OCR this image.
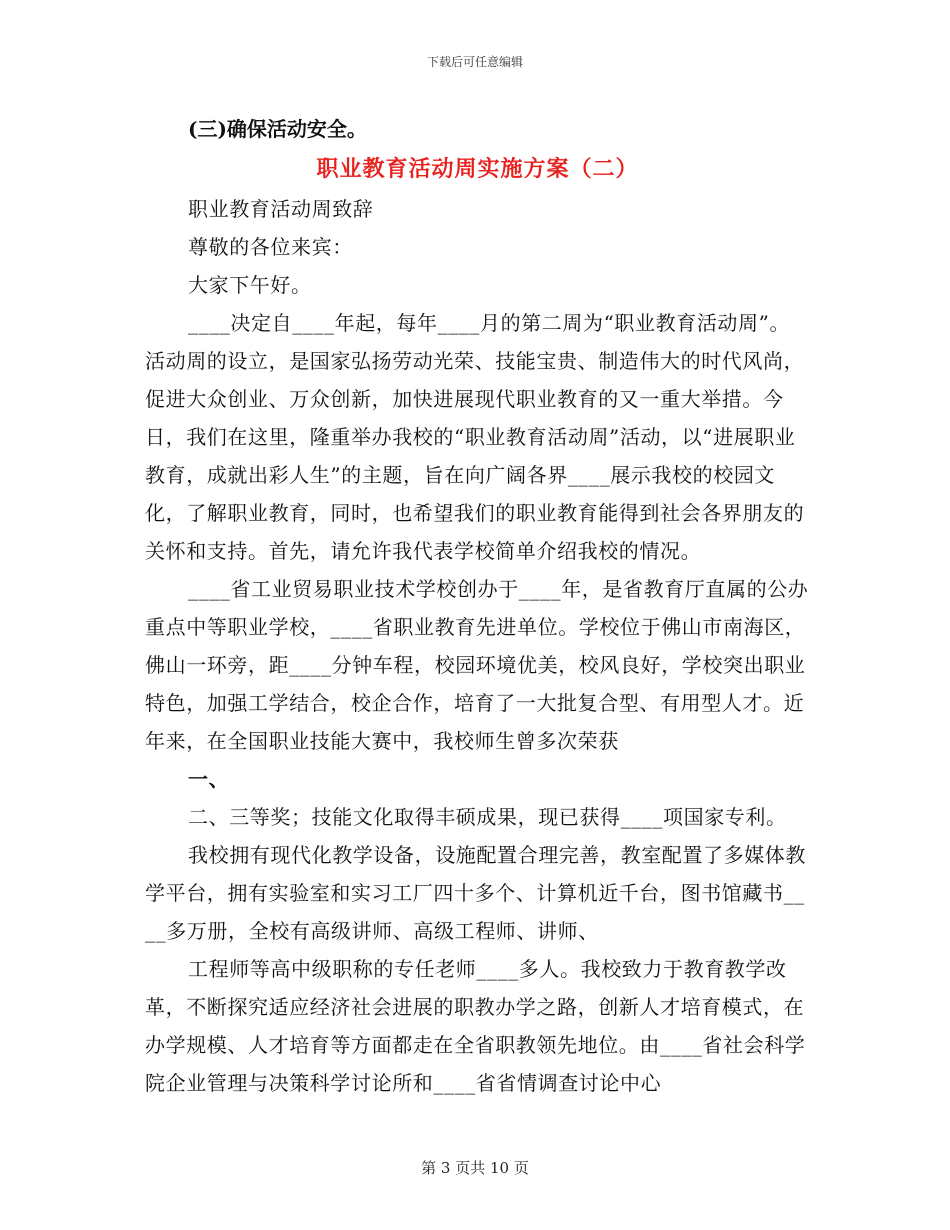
下载后可任意编辑

(三)确保活动安全。

职业教育活动周实施方案（二）

职业教育活动周致辞

尊敬的各位来宾：

大家下午好。

____决定自____年起，每年____月的第二周为“职业教育活动周”。活动周的设立，是国家弘扬劳动光荣、技能宝贵、制造伟大的时代风尚，促进大众创业、万众创新，加快进展现代职业教育的又一重大举措。今日，我们在这里，隆重举办我校的“职业教育活动周”活动，以“进展职业教育，成就出彩人生”的主题，旨在向广阔各界____展示我校的校园文化，了解职业教育，同时，也希望我们的职业教育能得到社会各界朋友的关怀和支持。首先，请允许我代表学校简单介绍我校的情况。

____省工业贸易职业技术学校创办于____年，是省教育厅直属的公办重点中等职业学校，____省职业教育先进单位。学校位于佛山市南海区，佛山一环旁，距____分钟车程，校园环境优美，校风良好，学校突出职业特色，加强工学结合，校企合作，培育了一大批复合型、有用型人才。近年来，在全国职业技能大赛中，我校师生曾多次荣获

一、

二、三等奖；技能文化取得丰硕成果，现已获得____项国家专利。

我校拥有现代化教学设备，设施配置合理完善，教室配置了多媒体教学平台，拥有实验室和实习工厂四十多个、计算机近千台，图书馆藏书____多万册，全校有高级讲师、高级工程师、讲师、

工程师等高中级职称的专任老师____多人。我校致力于教育教学改革，不断探究适应经济社会进展的职教办学之路，创新人才培育模式，在办学规模、人才培育等方面都走在全省职教领先地位。由____省社会科学院企业管理与决策科学讨论所和____省省情调查讨论中心

第 3 页共 10 页
